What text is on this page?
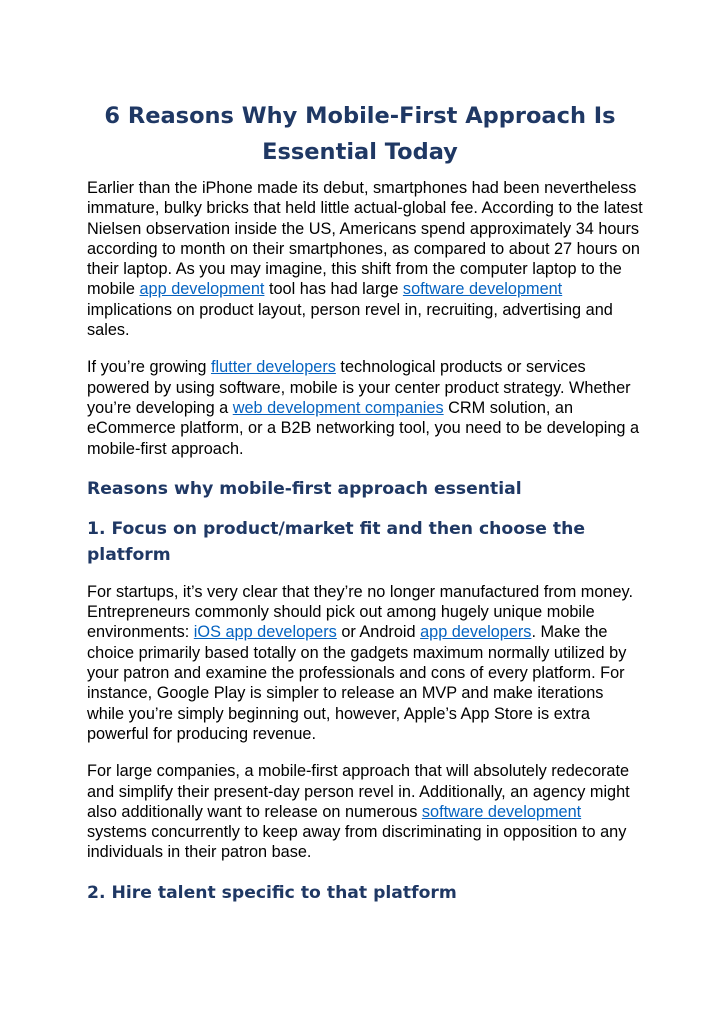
6 Reasons Why Mobile-First Approach Is Essential Today

Earlier than the iPhone made its debut, smartphones had been nevertheless immature, bulky bricks that held little actual-global fee. According to the latest Nielsen observation inside the US, Americans spend approximately 34 hours according to month on their smartphones, as compared to about 27 hours on their laptop. As you may imagine, this shift from the computer laptop to the mobile app development tool has had large software development implications on product layout, person revel in, recruiting, advertising and sales.

If you’re growing flutter developers technological products or services powered by using software, mobile is your center product strategy. Whether you’re developing a web development companies CRM solution, an eCommerce platform, or a B2B networking tool, you need to be developing a mobile-first approach.

Reasons why mobile-first approach essential
1. Focus on product/market fit and then choose the platform

For startups, it’s very clear that they’re no longer manufactured from money. Entrepreneurs commonly should pick out among hugely unique mobile environments: iOS app developers or Android app developers. Make the choice primarily based totally on the gadgets maximum normally utilized by your patron and examine the professionals and cons of every platform. For instance, Google Play is simpler to release an MVP and make iterations while you’re simply beginning out, however, Apple’s App Store is extra powerful for producing revenue.

For large companies, a mobile-first approach that will absolutely redecorate and simplify their present-day person revel in. Additionally, an agency might also additionally want to release on numerous software development systems concurrently to keep away from discriminating in opposition to any individuals in their patron base.

2. Hire talent specific to that platform
